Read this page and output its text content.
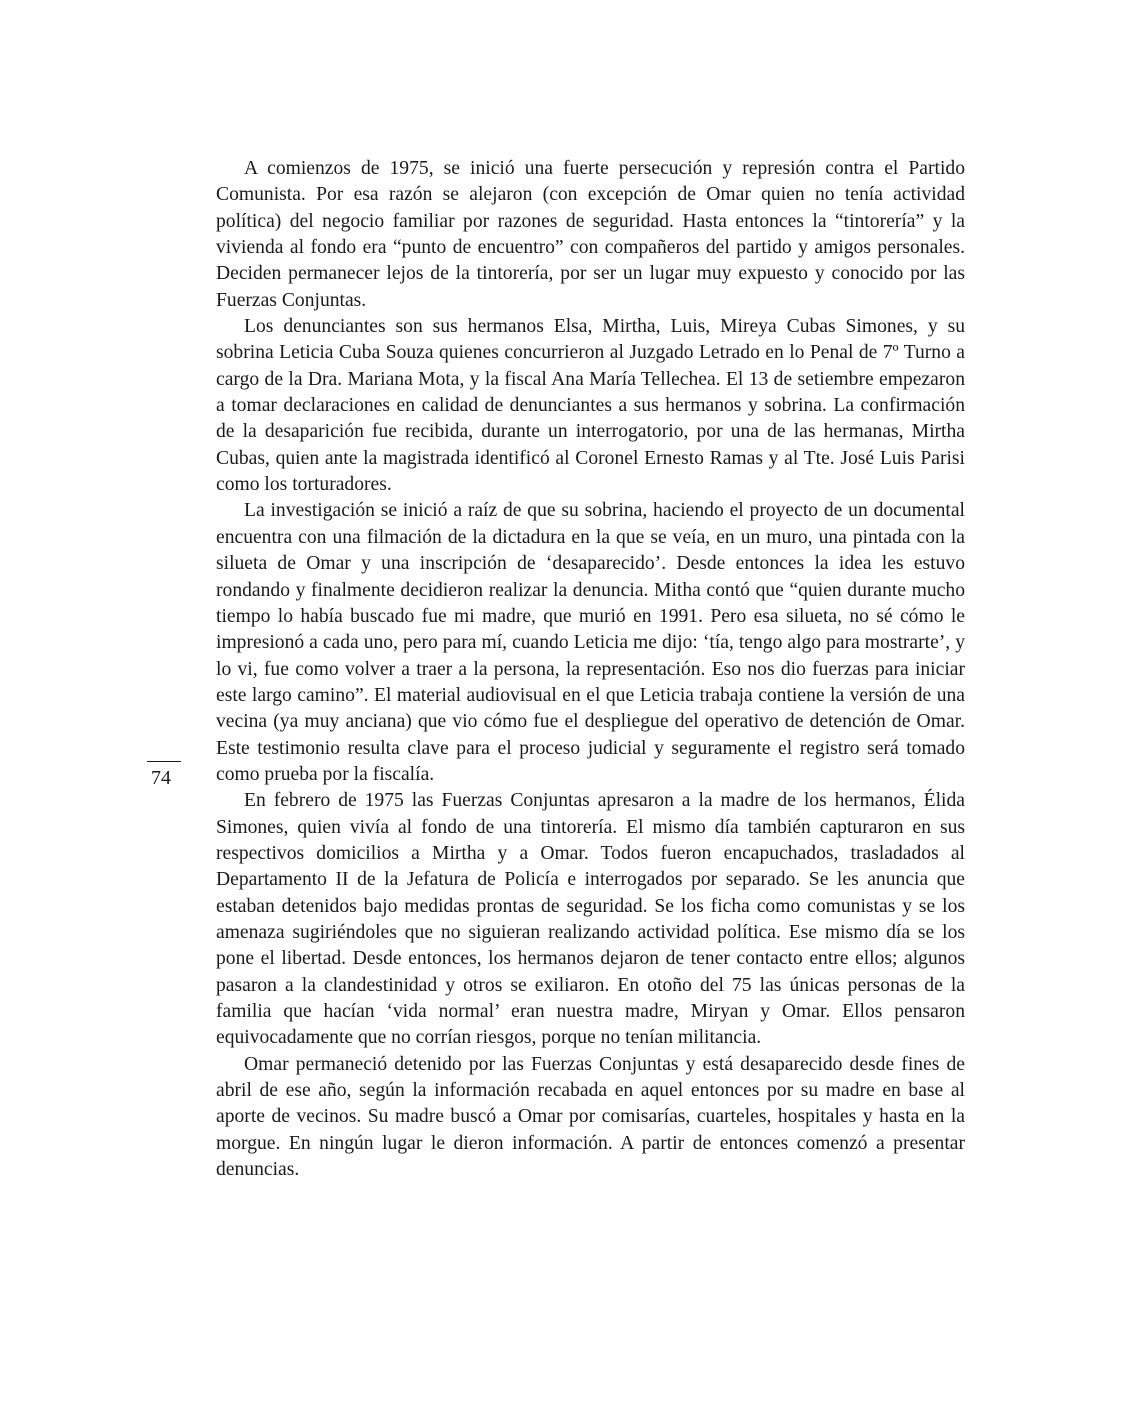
A comienzos de 1975, se inició una fuerte persecución y represión contra el Partido Comunista. Por esa razón se alejaron (con excepción de Omar quien no tenía actividad política) del negocio familiar por razones de seguridad. Hasta entonces la “tintorería” y la vivienda al fondo era “punto de encuentro” con compañeros del partido y amigos personales. Deciden permanecer lejos de la tintorería, por ser un lugar muy expuesto y conocido por las Fuerzas Conjuntas.

Los denunciantes son sus hermanos Elsa, Mirtha, Luis, Mireya Cubas Simones, y su sobrina Leticia Cuba Souza quienes concurrieron al Juzgado Letrado en lo Penal de 7º Turno a cargo de la Dra. Mariana Mota, y la fiscal Ana María Tellechea. El 13 de setiembre empezaron a tomar declaraciones en calidad de denunciantes a sus hermanos y sobrina. La confirmación de la desaparición fue recibida, durante un interrogatorio, por una de las hermanas, Mirtha Cubas, quien ante la magistrada identificó al Coronel Ernesto Ramas y al Tte. José Luis Parisi como los torturadores.

La investigación se inició a raíz de que su sobrina, haciendo el proyecto de un documental encuentra con una filmación de la dictadura en la que se veía, en un muro, una pintada con la silueta de Omar y una inscripción de ‘desaparecido’. Desde entonces la idea les estuvo rondando y finalmente decidieron realizar la denuncia. Mitha contó que “quien durante mucho tiempo lo había buscado fue mi madre, que murió en 1991. Pero esa silueta, no sé cómo le impresionó a cada uno, pero para mí, cuando Leticia me dijo: ‘tía, tengo algo para mostrarte’, y lo vi, fue como volver a traer a la persona, la representación. Eso nos dio fuerzas para iniciar este largo camino”. El material audiovisual en el que Leticia trabaja contiene la versión de una vecina (ya muy anciana) que vio cómo fue el despliegue del operativo de detención de Omar. Este testimonio resulta clave para el proceso judicial y seguramente el registro será tomado como prueba por la fiscalía.

En febrero de 1975 las Fuerzas Conjuntas apresaron a la madre de los hermanos, Élida Simones, quien vivía al fondo de una tintorería. El mismo día también capturaron en sus respectivos domicilios a Mirtha y a Omar. Todos fueron encapuchados, trasladados al Departamento II de la Jefatura de Policía e interrogados por separado. Se les anuncia que estaban detenidos bajo medidas prontas de seguridad. Se los ficha como comunistas y se los amenaza sugiriéndoles que no siguieran realizando actividad política. Ese mismo día se los pone el libertad. Desde entonces, los hermanos dejaron de tener contacto entre ellos; algunos pasaron a la clandestinidad y otros se exiliaron. En otoño del 75 las únicas personas de la familia que hacían ‘vida normal’ eran nuestra madre, Miryan y Omar. Ellos pensaron equivocadamente que no corrían riesgos, porque no tenían militancia.

Omar permaneció detenido por las Fuerzas Conjuntas y está desaparecido desde fines de abril de ese año, según la información recabada en aquel entonces por su madre en base al aporte de vecinos. Su madre buscó a Omar por comisarías, cuarteles, hospitales y hasta en la morgue. En ningún lugar le dieron información. A partir de entonces comenzó a presentar denuncias.

74
